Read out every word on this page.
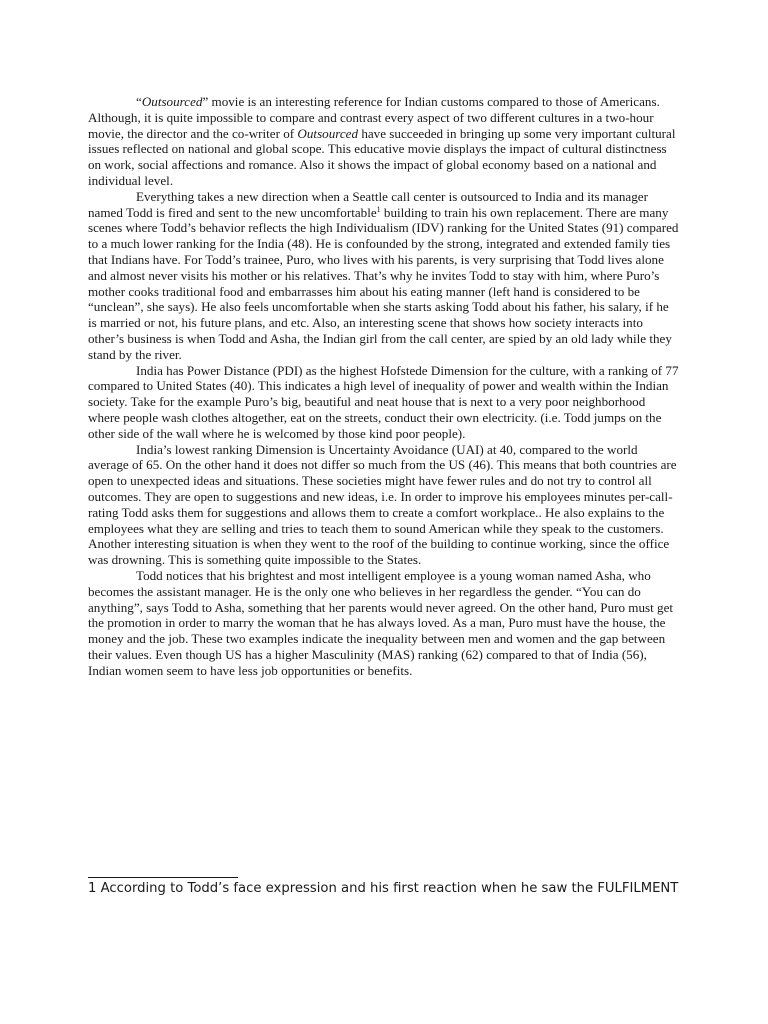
“Outsourced” movie is an interesting reference for Indian customs compared to those of Americans. Although, it is quite impossible to compare and contrast every aspect of two different cultures in a two-hour movie, the director and the co-writer of Outsourced have succeeded in bringing up some very important cultural issues reflected on national and global scope. This educative movie displays the impact of cultural distinctness on work, social affections and romance. Also it shows the impact of global economy based on a national and individual level.

Everything takes a new direction when a Seattle call center is outsourced to India and its manager named Todd is fired and sent to the new uncomfortable$^1$ building to train his own replacement. There are many scenes where Todd’s behavior reflects the high Individualism (IDV) ranking for the United States (91) compared to a much lower ranking for the India (48). He is confounded by the strong, integrated and extended family ties that Indians have. For Todd’s trainee, Puro, who lives with his parents, is very surprising that Todd lives alone and almost never visits his mother or his relatives. That’s why he invites Todd to stay with him, where Puro’s mother cooks traditional food and embarrasses him about his eating manner (left hand is considered to be “unclean”, she says). He also feels uncomfortable when she starts asking Todd about his father, his salary, if he is married or not, his future plans, and etc. Also, an interesting scene that shows how society interacts into other’s business is when Todd and Asha, the Indian girl from the call center, are spied by an old lady while they stand by the river.

India has Power Distance (PDI) as the highest Hofstede Dimension for the culture, with a ranking of 77 compared to United States (40). This indicates a high level of inequality of power and wealth within the Indian society. Take for the example Puro’s big, beautiful and neat house that is next to a very poor neighborhood where people wash clothes altogether, eat on the streets, conduct their own electricity. (i.e. Todd jumps on the other side of the wall where he is welcomed by those kind poor people).

India’s lowest ranking Dimension is Uncertainty Avoidance (UAI) at 40, compared to the world average of 65. On the other hand it does not differ so much from the US (46). This means that both countries are open to unexpected ideas and situations. These societies might have fewer rules and do not try to control all outcomes. They are open to suggestions and new ideas, i.e. In order to improve his employees minutes per-call-rating Todd asks them for suggestions and allows them to create a comfort workplace.. He also explains to the employees what they are selling and tries to teach them to sound American while they speak to the customers. Another interesting situation is when they went to the roof of the building to continue working, since the office was drowning. This is something quite impossible to the States.

Todd notices that his brightest and most intelligent employee is a young woman named Asha, who becomes the assistant manager. He is the only one who believes in her regardless the gender. “You can do anything”, says Todd to Asha, something that her parents would never agreed. On the other hand, Puro must get the promotion in order to marry the woman that he has always loved. As a man, Puro must have the house, the money and the job. These two examples indicate the inequality between men and women and the gap between their values. Even though US has a higher Masculinity (MAS) ranking (62) compared to that of India (56), Indian women seem to have less job opportunities or benefits.

1 According to Todd’s face expression and his first reaction when he saw the FULFILMENT
